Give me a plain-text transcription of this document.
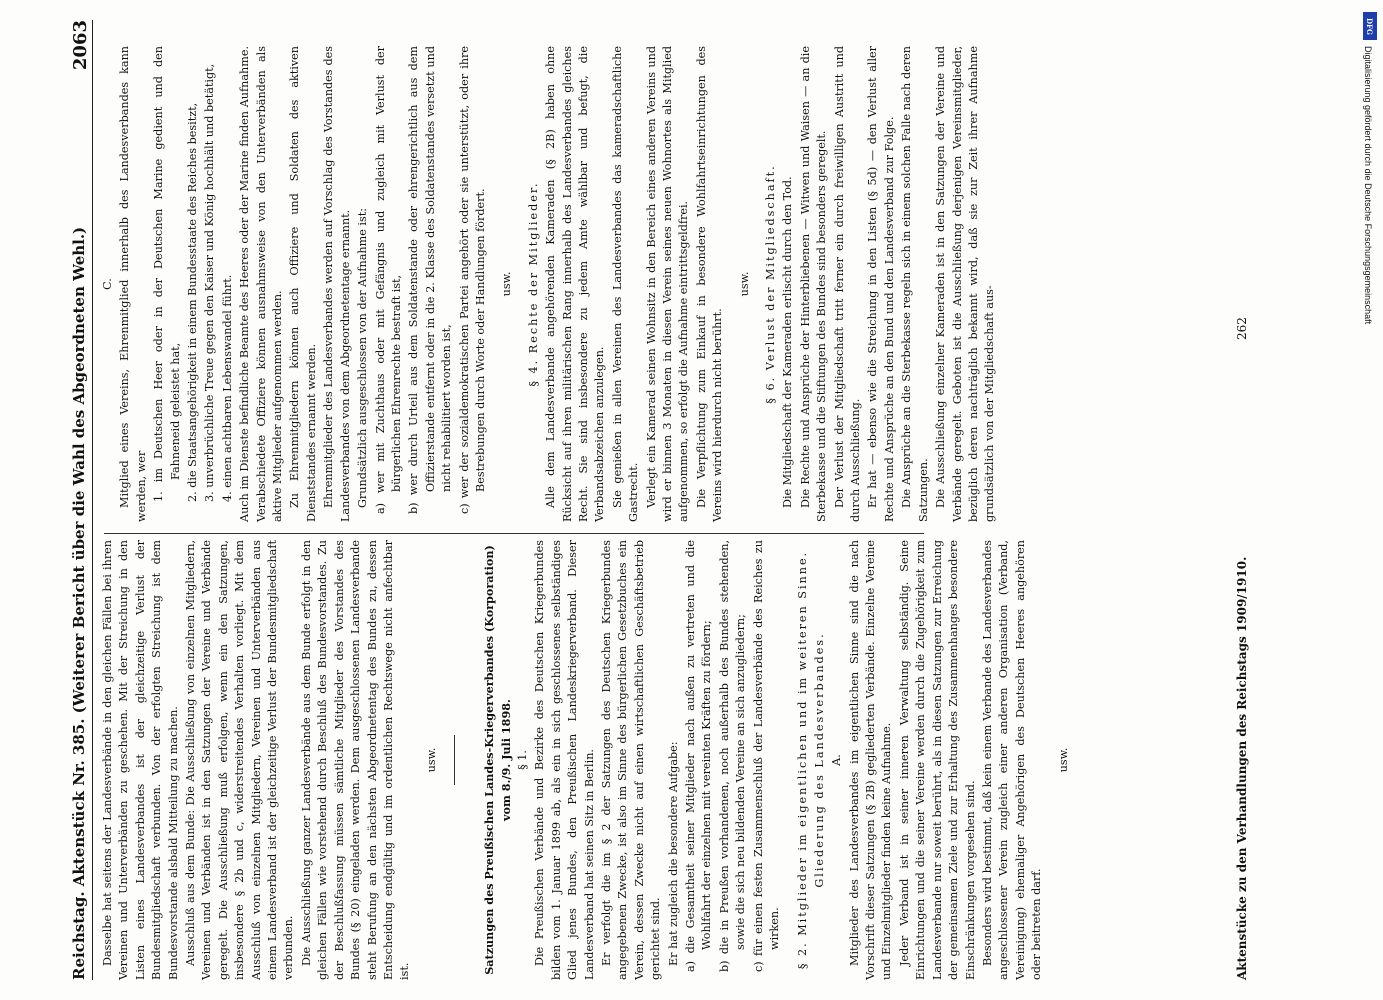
Reichstag. Aktenstück Nr. 385. (Weiterer Bericht über die Wahl des Abgeordneten Wehl.)
2063

Dasselbe hat seitens der Landesverbände in den gleichen Fällen bei ihren Vereinen und Unterverbänden zu geschehen. Mit der Streichung in den Listen eines Landesverbandes ist der gleichzeitige Verlust der Bundesmitgliedschaft verbunden. Von der erfolgten Streichung ist dem Bundesvorstande alsbald Mitteilung zu machen. Ausschluß aus dem Bunde: Die Ausschließung von einzelnen Mitgliedern, Vereinen und Verbänden ist in den Satzungen der Vereine und Verbände geregelt. Die Ausschließung muß erfolgen, wenn ein den Satzungen, insbesondere § 2b und c, widerstreitendes Verhalten vorliegt. Mit dem Ausschluß von einzelnen Mitgliedern, Vereinen und Unterverbänden aus einem Landesverband ist der gleichzeitige Verlust der Bundesmitgliedschaft verbunden. Die Ausschließung ganzer Landesverbände aus dem Bunde erfolgt in den gleichen Fällen wie vorstehend durch Beschluß des Bundesvorstandes. Zu der Beschlußfassung müssen sämtliche Mitglieder des Vorstandes des Bundes (§ 20) eingeladen werden. Dem ausgeschlossenen Landesverbande steht Berufung an den nächsten Abgeordnetentag des Bundes zu, dessen Entscheidung endgültig und im ordentlichen Rechtswege nicht anfechtbar ist.

usw.	Satzungen des Preußischen Landes-Kriegerverbandes (Korporation) vom 8./9. Juli 1898. § 1. Die Preußischen Verbände und Bezirke des Deutschen Kriegerbundes bilden vom 1. Januar 1899 ab, als ein in sich geschlossenes selbständiges Glied jenes Bundes, den Preußischen Landeskriegerverband. Dieser Landesverband hat seinen Sitz in Berlin. Er verfolgt die im § 2 der Satzungen des Deutschen Kriegerbundes angegebenen Zwecke, ist also im Sinne des bürgerlichen Gesetzbuches ein Verein, dessen Zwecke nicht auf einen wirtschaftlichen Geschäftsbetrieb gerichtet sind. Er hat zugleich die besondere Aufgabe: a) die Gesamtheit seiner Mitglieder nach außen zu vertreten und die Wohlfahrt der einzelnen mit vereinten Kräften zu fördern; b) die in Preußen vorhandenen, noch außerhalb des Bundes stehenden, sowie die sich neu bildenden Vereine an sich anzugliedern; c) für einen festen Zusammenschluß der Landesverbände des Reiches zu wirken. § 2. Mitglieder im eigentlichen und im weiteren Sinne. Gliederung des Landesverbandes. A. Mitglieder des Landesverbandes im eigentlichen Sinne sind die nach Vorschrift dieser Satzungen (§ 2B) gegliederten Verbände. Einzelne Vereine und Einzelmitglieder finden keine Aufnahme. Jeder Verband ist in seiner inneren Verwaltung selbständig. Seine Einrichtungen und die seiner Vereine werden durch die Zugehörigkeit zum Landesverbande nur soweit berührt, als in diesen Satzungen zur Erreichung der gemeinsamen Ziele und zur Erhaltung des Zusammenhanges besondere Einschränkungen vorgesehen sind. Besonders wird bestimmt, daß kein einem Verbande des Landesverbandes angeschlossener Verein zugleich einer anderen Organisation (Verband, Vereinigung) ehemaliger Angehörigen des Deutschen Heeres angehören oder beitreten darf.

usw.

C. Mitglied eines Vereins, Ehrenmitglied innerhalb des Landesverbandes kann werden, wer 1. im Deutschen Heer oder in der Deutschen Marine gedient und den Fahneneid geleistet hat, 2. die Staatsangehörigkeit in einem Bundesstaate des Reiches besitzt, 3. unverbrüchliche Treue gegen den Kaiser und König hochhält und betätigt, 4. einen achtbaren Lebenswandel führt. Auch im Dienste befindliche Beamte des Heeres oder der Marine finden Aufnahme. Verabschiedete Offiziere können ausnahmsweise von den Unterverbänden als aktive Mitglieder aufgenommen werden. Zu Ehrenmitgliedern können auch Offiziere und Soldaten des aktiven Dienststandes ernannt werden. Ehrenmitglieder des Landesverbandes werden auf Vorschlag des Vorstandes des Landesverbandes von dem Abgeordnetentage ernannt. Grundsätzlich ausgeschlossen von der Aufnahme ist: a) wer mit Zuchthaus oder mit Gefängnis und zugleich mit Verlust der bürgerlichen Ehrenrechte bestraft ist, b) wer durch Urteil aus dem Soldatenstande oder ehrengerichtlich aus dem Offizierstande entfernt oder in die 2. Klasse des Soldatenstandes versetzt und nicht rehabilitiert worden ist, c) wer der sozialdemokratischen Partei angehört oder sie unterstützt, oder ihre Bestrebungen durch Worte oder Handlungen fördert. usw. § 4. Rechte der Mitglieder. Alle dem Landesverbande angehörenden Kameraden (§ 2B) haben ohne Rücksicht auf ihren militärischen Rang innerhalb des Landesverbandes gleiches Recht. Sie sind insbesondere zu jedem Amte wählbar und befugt, die Verbandsabzeichen anzulegen. Sie genießen in allen Vereinen des Landesverbandes das kameradschaftliche Gastrecht. Verlegt ein Kamerad seinen Wohnsitz in den Bereich eines anderen Vereins und wird er binnen 3 Monaten in diesen Verein seines neuen Wohnortes als Mitglied aufgenommen, so erfolgt die Aufnahme eintrittsgeldfrei. Die Verpflichtung zum Einkauf in besondere Wohlfahrtseinrichtungen des Vereins wird hierdurch nicht berührt.

usw. § 6. Verlust der Mitgliedschaft. Die Mitgliedschaft der Kameraden erlischt durch den Tod. Die Rechte und Ansprüche der Hinterbliebenen — Witwen und Waisen — an die Sterbekasse und die Stiftungen des Bundes sind besonders geregelt. Der Verlust der Mitgliedschaft tritt ferner ein durch freiwilligen Austritt und durch Ausschließung. Er hat — ebenso wie die Streichung in den Listen (§ 5d) — den Verlust aller Rechte und Ansprüche an den Bund und den Landesverband zur Folge. Die Ansprüche an die Sterbekasse regeln sich in einem solchen Falle nach deren Satzungen. Die Ausschließung einzelner Kameraden ist in den Satzungen der Vereine und Verbände geregelt. Geboten ist die Ausschließung derjenigen Vereinsmitglieder, bezüglich deren nachträglich bekannt wird, daß sie zur Zeit ihrer Aufnahme grundsätzlich von der Mitgliedschaft aus-

Aktenstücke zu den Verhandlungen des Reichstags 1909/1910.
262
DFG
Digitalisierung gefördert durch die Deutsche Forschungsgemeinschaft
